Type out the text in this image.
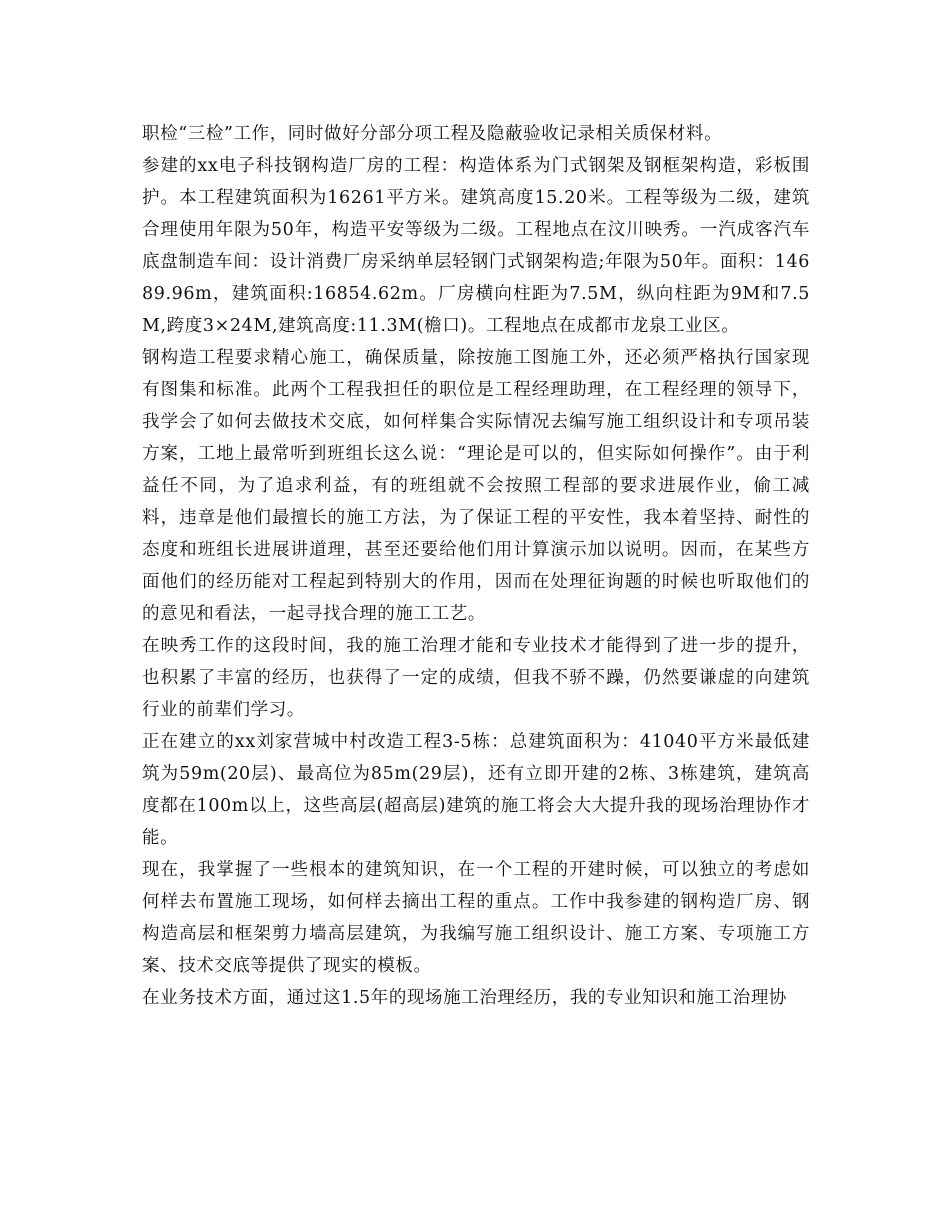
职检“三检”工作，同时做好分部分项工程及隐蔽验收记录相关质保材料。

参建的xx电子科技钢构造厂房的工程：构造体系为门式钢架及钢框架构造，彩板围护。本工程建筑面积为16261平方米。建筑高度15.20米。工程等级为二级，建筑合理使用年限为50年，构造平安等级为二级。工程地点在汶川映秀。一汽成客汽车底盘制造车间：设计消费厂房采纳单层轻钢门式钢架构造;年限为50年。面积：14689.96m，建筑面积:16854.62m。厂房横向柱距为7.5M，纵向柱距为9M和7.5M,跨度3×24M,建筑高度:11.3M(檐口)。工程地点在成都市龙泉工业区。

钢构造工程要求精心施工，确保质量，除按施工图施工外，还必须严格执行国家现有图集和标准。此两个工程我担任的职位是工程经理助理，在工程经理的领导下，我学会了如何去做技术交底，如何样集合实际情况去编写施工组织设计和专项吊装方案，工地上最常听到班组长这么说：“理论是可以的，但实际如何操作”。由于利益任不同，为了追求利益，有的班组就不会按照工程部的要求进展作业，偷工减料，违章是他们最擅长的施工方法，为了保证工程的平安性，我本着坚持、耐性的态度和班组长进展讲道理，甚至还要给他们用计算演示加以说明。因而，在某些方面他们的经历能对工程起到特别大的作用，因而在处理征询题的时候也听取他们的的意见和看法，一起寻找合理的施工工艺。

在映秀工作的这段时间，我的施工治理才能和专业技术才能得到了进一步的提升，也积累了丰富的经历，也获得了一定的成绩，但我不骄不躁，仍然要谦虚的向建筑行业的前辈们学习。

正在建立的xx刘家营城中村改造工程3-5栋：总建筑面积为：41040平方米最低建筑为59m(20层)、最高位为85m(29层)，还有立即开建的2栋、3栋建筑，建筑高度都在100m以上，这些高层(超高层)建筑的施工将会大大提升我的现场治理协作才能。

现在，我掌握了一些根本的建筑知识，在一个工程的开建时候，可以独立的考虑如何样去布置施工现场，如何样去摘出工程的重点。工作中我参建的钢构造厂房、钢构造高层和框架剪力墙高层建筑，为我编写施工组织设计、施工方案、专项施工方案、技术交底等提供了现实的模板。

在业务技术方面，通过这1.5年的现场施工治理经历，我的专业知识和施工治理协
